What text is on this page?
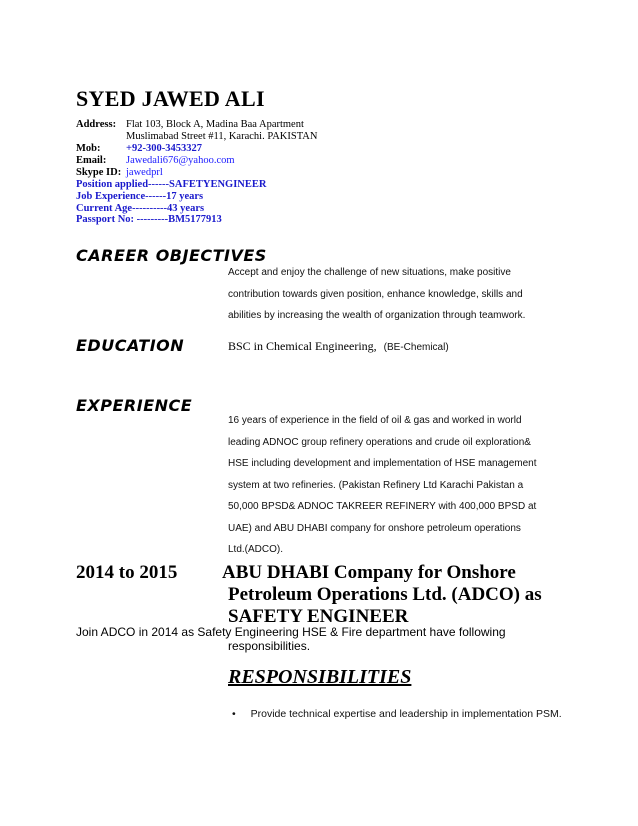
SYED JAWED ALI
Address: Flat 103, Block A, Madina Baa Apartment
Muslimabad Street #11, Karachi. PAKISTAN
Mob: +92-300-3453327
Email: Jawedali676@yahoo.com
Skype ID: jawedprl
Position applied------SAFETYENGINEER
Job Experience------17 years
Current Age----------43 years
Passport No: ---------BM5177913
CAREER OBJECTIVES
Accept and enjoy the challenge of new situations, make positive
contribution towards given position, enhance knowledge, skills and
abilities by increasing the wealth of organization through teamwork.
EDUCATION	BSC in Chemical Engineering, (BE-Chemical)
EXPERIENCE
16 years of experience in the field of oil & gas and worked in world
leading ADNOC group refinery operations and crude oil exploration&
HSE including development and implementation of HSE management
system at two refineries. (Pakistan Refinery Ltd Karachi Pakistan a
50,000 BPSD& ADNOC TAKREER REFINERY with 400,000 BPSD at
UAE) and ABU DHABI company for onshore petroleum operations
Ltd.(ADCO).
2014 to 2015 ABU DHABI Company for Onshore
Petroleum Operations Ltd. (ADCO) as
SAFETY ENGINEER
Join ADCO in 2014 as Safety Engineering HSE & Fire department have following
responsibilities.
RESPONSIBILITIES
• Provide technical expertise and leadership in implementation PSM.
